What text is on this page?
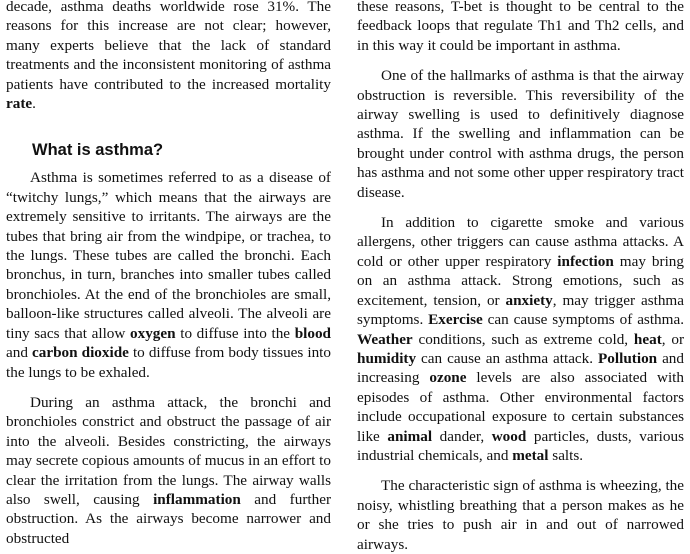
decade, asthma deaths worldwide rose 31%. The reasons for this increase are not clear; however, many experts believe that the lack of standard treatments and the inconsistent monitoring of asthma patients have contributed to the increased mortality rate.

What is asthma?

Asthma is sometimes referred to as a disease of “twitchy lungs,” which means that the airways are extremely sensitive to irritants. The airways are the tubes that bring air from the windpipe, or trachea, to the lungs. These tubes are called the bronchi. Each bronchus, in turn, branches into smaller tubes called bronchioles. At the end of the bronchioles are small, balloon-like structures called alveoli. The alveoli are tiny sacs that allow oxygen to diffuse into the blood and carbon dioxide to diffuse from body tissues into the lungs to be exhaled.

During an asthma attack, the bronchi and bronchioles constrict and obstruct the passage of air into the alveoli. Besides constricting, the airways may secrete copious amounts of mucus in an effort to clear the irritation from the lungs. The airway walls also swell, causing inflammation and further obstruction. As the airways become narrower and obstructed

these reasons, T-bet is thought to be central to the feedback loops that regulate Th1 and Th2 cells, and in this way it could be important in asthma.

One of the hallmarks of asthma is that the airway obstruction is reversible. This reversibility of the airway swelling is used to definitively diagnose asthma. If the swelling and inflammation can be brought under control with asthma drugs, the person has asthma and not some other upper respiratory tract disease.

In addition to cigarette smoke and various allergens, other triggers can cause asthma attacks. A cold or other upper respiratory infection may bring on an asthma attack. Strong emotions, such as excitement, tension, or anxiety, may trigger asthma symptoms. Exercise can cause symptoms of asthma. Weather conditions, such as extreme cold, heat, or humidity can cause an asthma attack. Pollution and increasing ozone levels are also associated with episodes of asthma. Other environmental factors include occupational exposure to certain substances like animal dander, wood particles, dusts, various industrial chemicals, and metal salts.

The characteristic sign of asthma is wheezing, the noisy, whistling breathing that a person makes as he or she tries to push air in and out of narrowed airways.
